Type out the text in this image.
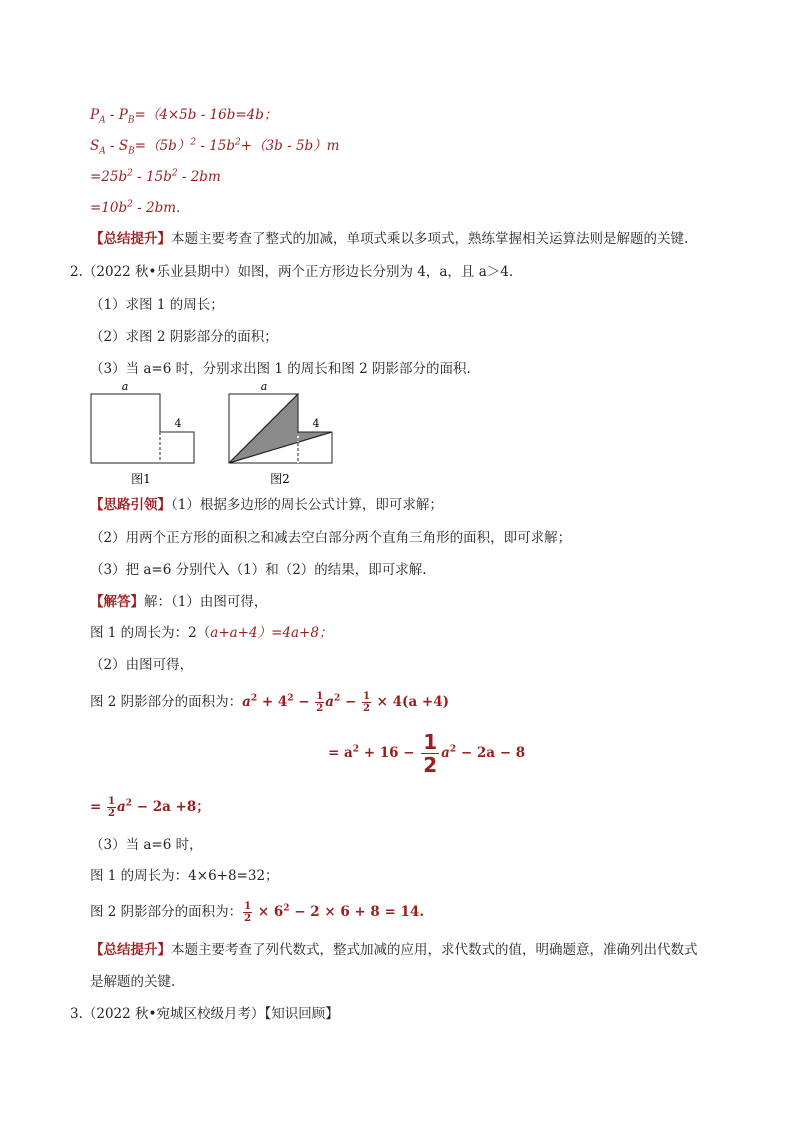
$P_A - P_B=(4\times 5b - 16b=4b$；
$S_A - S_B=(5b)^2 - 15b^2+(3b - 5b)m$
$=25b^2 - 15b^2 - 2bm$
$=10b^2 - 2bm$.
【总结提升】本题主要考查了整式的加减，单项式乘以多项式，熟练掌握相关运算法则是解题的关键.
2.（2022 秋•乐业县期中）如图，两个正方形边长分别为 4，a，且 a＞4.
（1）求图 1 的周长；
（2）求图 2 阴影部分的面积；
（3）当 a=6 时，分别求出图 1 的周长和图 2 阴影部分的面积.
a
4
图1
a
4
图2
【思路引领】（1）根据多边形的周长公式计算，即可求解；
（2）用两个正方形的面积之和减去空白部分两个直角三角形的面积，即可求解；
（3）把 a=6 分别代入（1）和（2）的结果，即可求解.
【解答】解：（1）由图可得，
图 1 的周长为：2（a+a+4）=4a+8；
（2）由图可得，
图 2 阴影部分的面积为：$a^2 + 4^2 - \frac{1}{2} a^2 - \frac{1}{2} \times 4(a +4)$
= $a^2 + 16 - \frac{1}{2} a^2 - 2a - 8$
= $\frac{1}{2} a^2 - 2a +8$；
（3）当 a=6 时，
图 1 的周长为：4×6+8=32；
图 2 阴影部分的面积为： $\frac{1}{2} \times 6^2 - 2 \times 6 + 8 = 14$.
【总结提升】本题主要考查了列代数式，整式加减的应用，求代数式的值，明确题意，准确列出代数式
是解题的关键.
3.（2022 秋•宛城区校级月考）【知识回顾】
